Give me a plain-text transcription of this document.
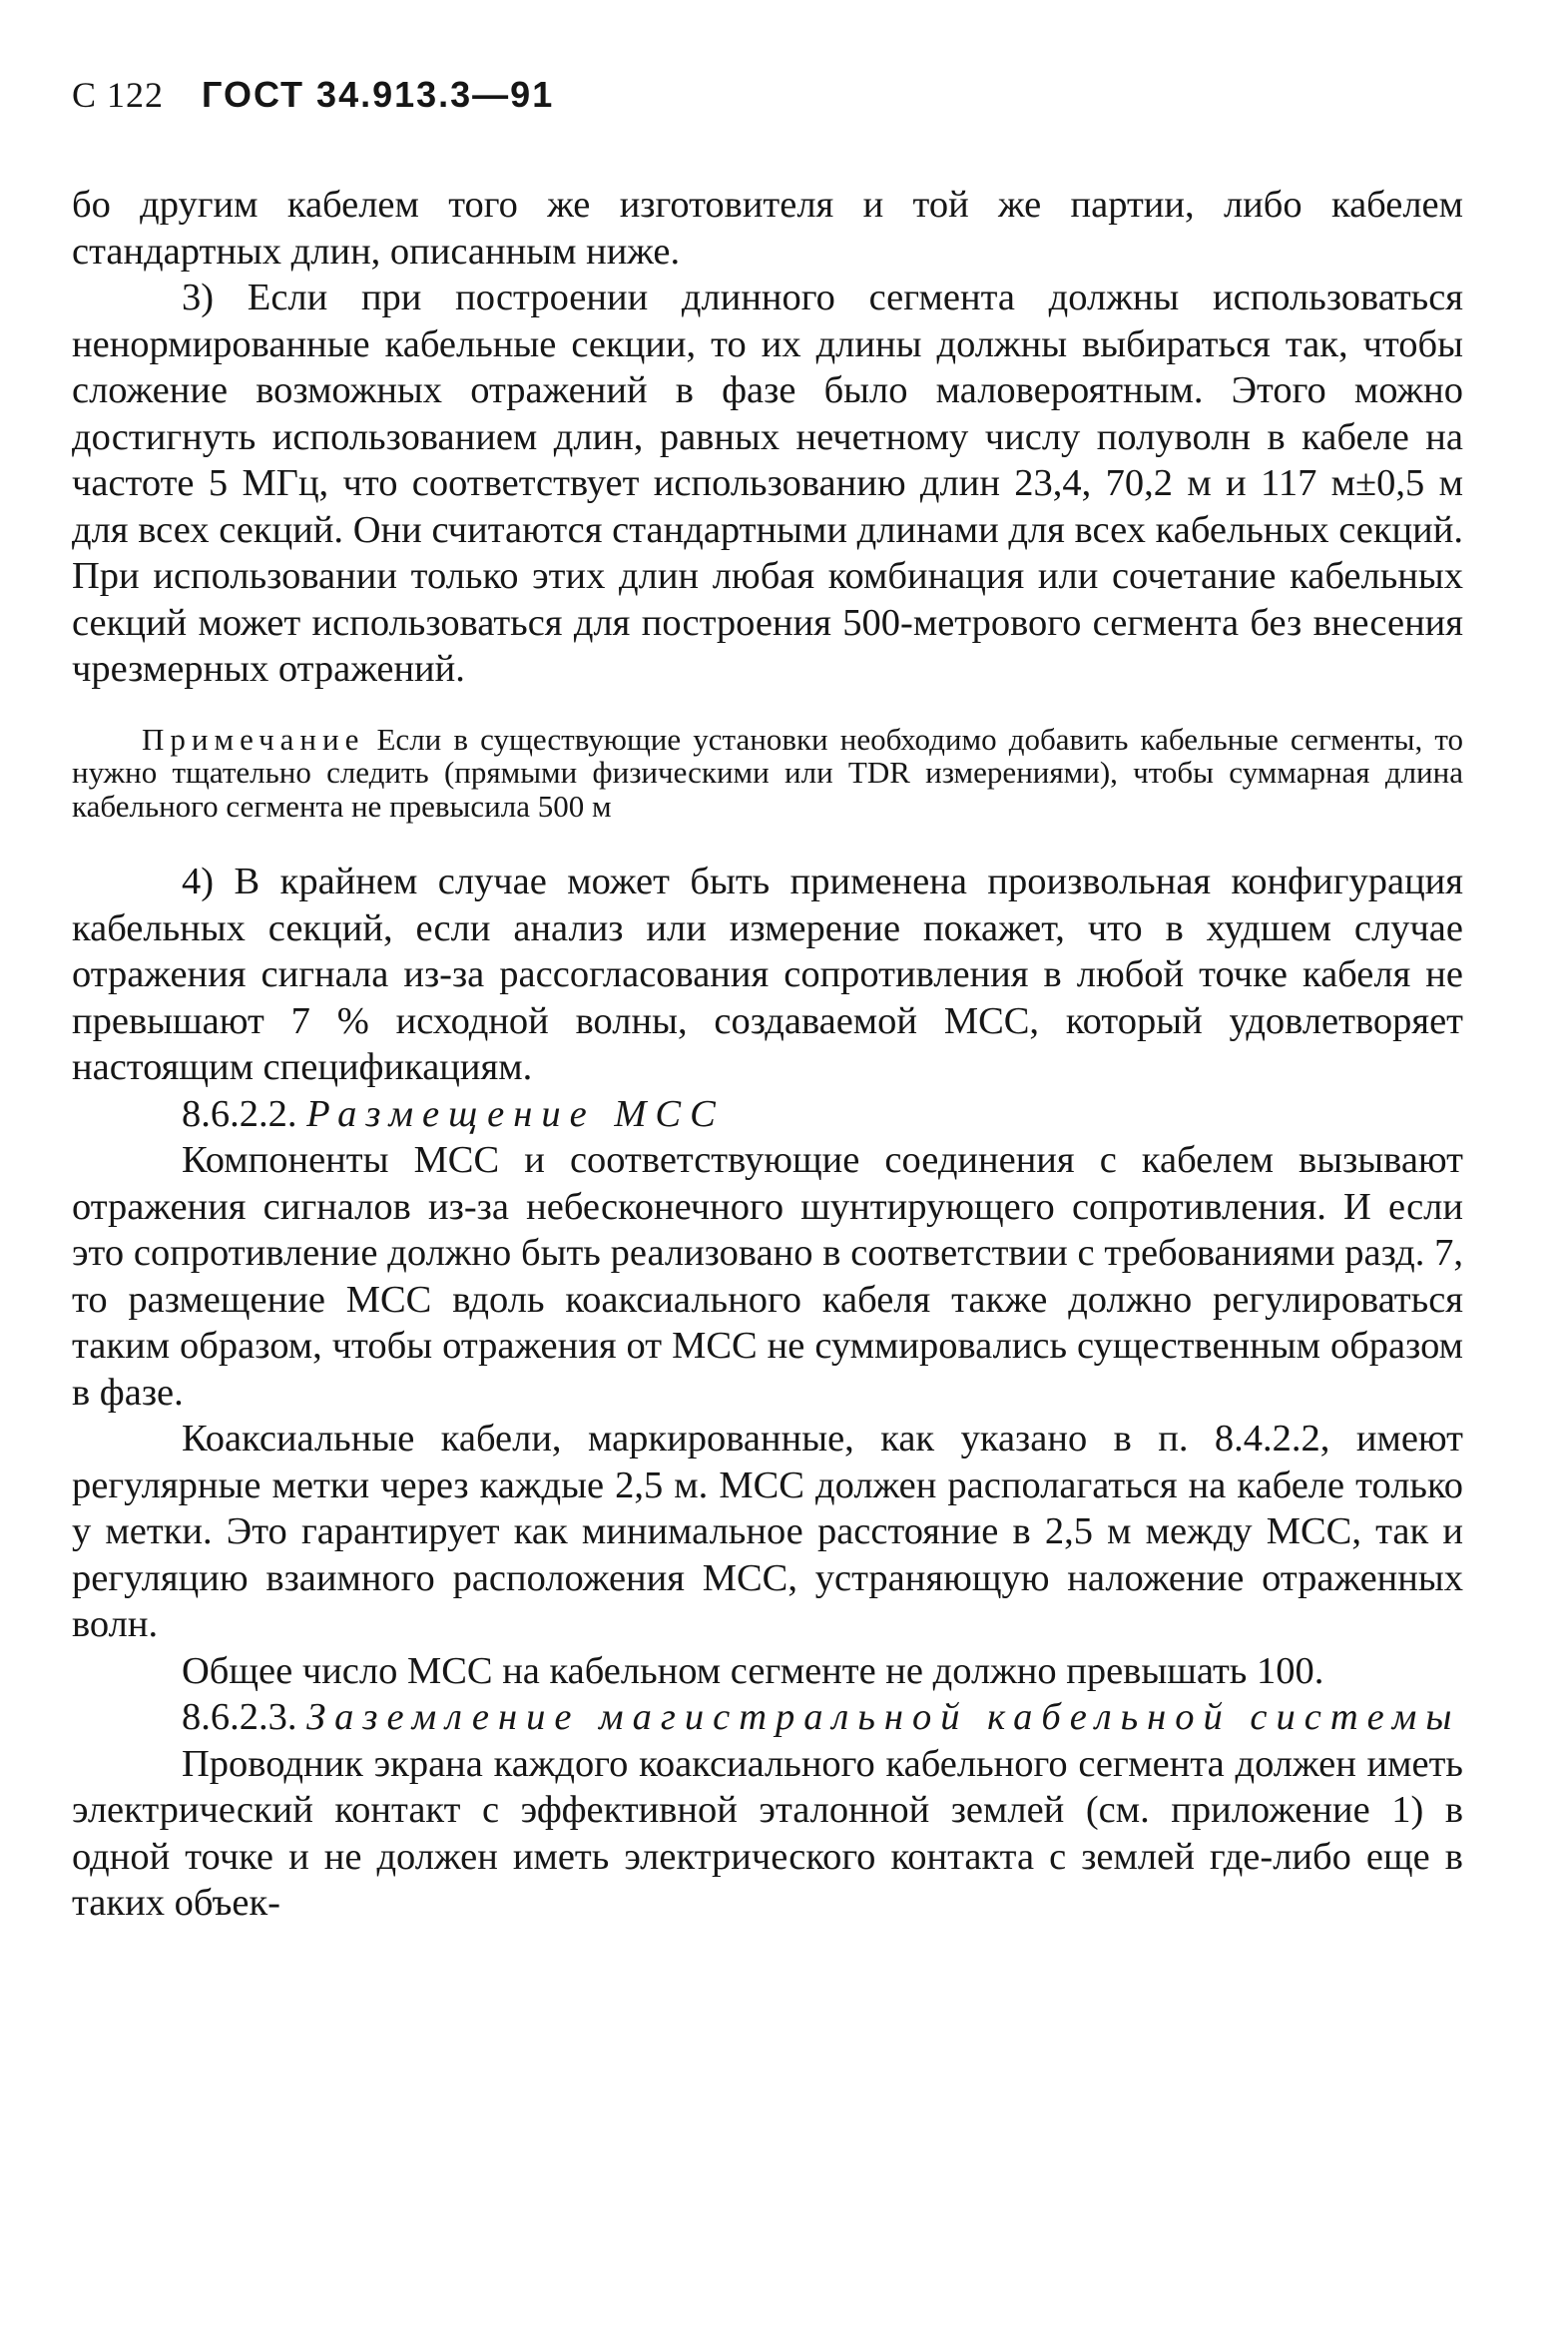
С 122 ГОСТ 34.913.3—91

бо другим кабелем того же изготовителя и той же партии, либо кабелем стандартных длин, описанным ниже.

3) Если при построении длинного сегмента должны использоваться ненормированные кабельные секции, то их длины должны выбираться так, чтобы сложение возможных отражений в фазе было маловероятным. Этого можно достигнуть использованием длин, равных нечетному числу полуволн в кабеле на частоте 5 МГц, что соответствует использованию длин 23,4, 70,2 м и 117 м±0,5 м для всех секций. Они считаются стандартными длинами для всех кабельных секций. При использовании только этих длин любая комбинация или сочетание кабельных секций может использоваться для построения 500-метрового сегмента без внесения чрезмерных отражений.

Примечание Если в существующие установки необходимо добавить кабельные сегменты, то нужно тщательно следить (прямыми физическими или TDR измерениями), чтобы суммарная длина кабельного сегмента не превысила 500 м

4) В крайнем случае может быть применена произвольная конфигурация кабельных секций, если анализ или измерение покажет, что в худшем случае отражения сигнала из-за рассогласования сопротивления в любой точке кабеля не превышают 7 % исходной волны, создаваемой МСС, который удовлетворяет настоящим спецификациям.

8.6.2.2. Размещение МСС

Компоненты МСС и соответствующие соединения с кабелем вызывают отражения сигналов из-за небесконечного шунтирующего сопротивления. И если это сопротивление должно быть реализовано в соответствии с требованиями разд. 7, то размещение МСС вдоль коаксиального кабеля также должно регулироваться таким образом, чтобы отражения от МСС не суммировались существенным образом в фазе.

Коаксиальные кабели, маркированные, как указано в п. 8.4.2.2, имеют регулярные метки через каждые 2,5 м. МСС должен располагаться на кабеле только у метки. Это гарантирует как минимальное расстояние в 2,5 м между МСС, так и регуляцию взаимного расположения МСС, устраняющую наложение отраженных волн.

Общее число МСС на кабельном сегменте не должно превышать 100.

8.6.2.3. Заземление магистральной кабельной системы

Проводник экрана каждого коаксиального кабельного сегмента должен иметь электрический контакт с эффективной эталонной землей (см. приложение 1) в одной точке и не должен иметь электрического контакта с землей где-либо еще в таких объек-
